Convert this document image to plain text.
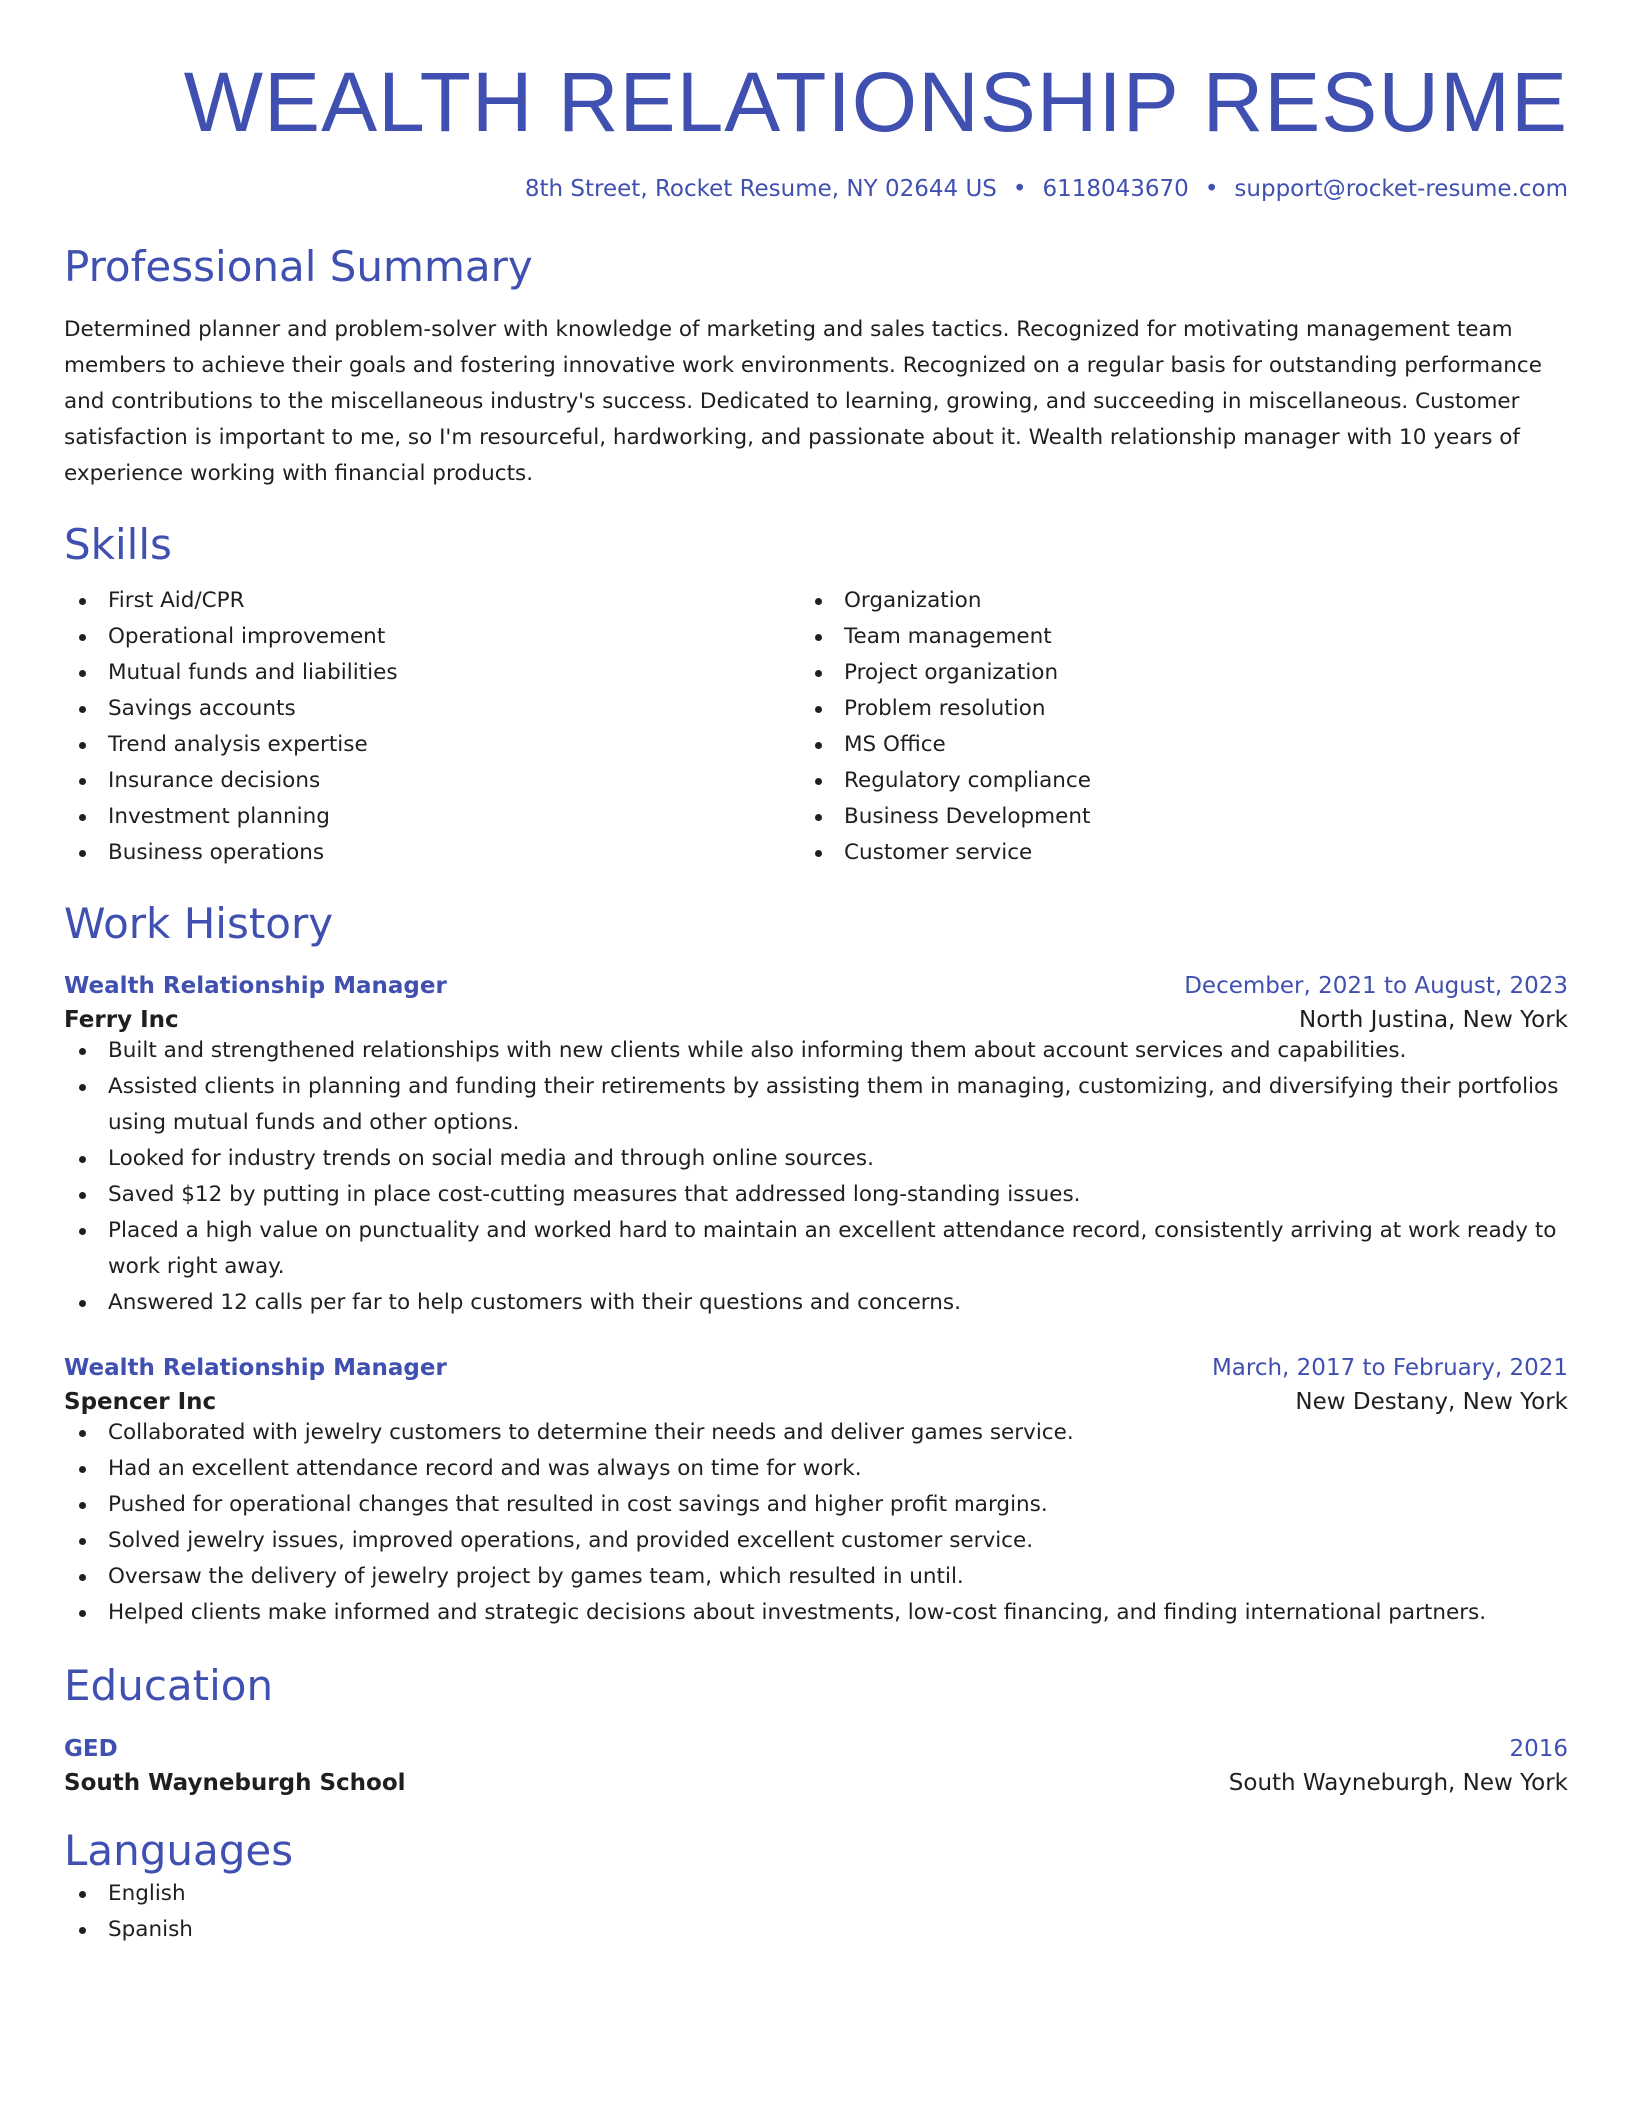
WEALTH RELATIONSHIP RESUME
8th Street, Rocket Resume, NY 02644 US • 6118043670 • support@rocket-resume.com
Professional Summary
Determined planner and problem-solver with knowledge of marketing and sales tactics. Recognized for motivating management team members to achieve their goals and fostering innovative work environments. Recognized on a regular basis for outstanding performance and contributions to the miscellaneous industry's success. Dedicated to learning, growing, and succeeding in miscellaneous. Customer satisfaction is important to me, so I'm resourceful, hardworking, and passionate about it. Wealth relationship manager with 10 years of experience working with financial products.
Skills
First Aid/CPR
Operational improvement
Mutual funds and liabilities
Savings accounts
Trend analysis expertise
Insurance decisions
Investment planning
Business operations
Organization
Team management
Project organization
Problem resolution
MS Office
Regulatory compliance
Business Development
Customer service
Work History
Wealth Relationship Manager	December, 2021 to August, 2023
Ferry Inc	North Justina, New York
Built and strengthened relationships with new clients while also informing them about account services and capabilities.
Assisted clients in planning and funding their retirements by assisting them in managing, customizing, and diversifying their portfolios using mutual funds and other options.
Looked for industry trends on social media and through online sources.
Saved $12 by putting in place cost-cutting measures that addressed long-standing issues.
Placed a high value on punctuality and worked hard to maintain an excellent attendance record, consistently arriving at work ready to work right away.
Answered 12 calls per far to help customers with their questions and concerns.
Wealth Relationship Manager	March, 2017 to February, 2021
Spencer Inc	New Destany, New York
Collaborated with jewelry customers to determine their needs and deliver games service.
Had an excellent attendance record and was always on time for work.
Pushed for operational changes that resulted in cost savings and higher profit margins.
Solved jewelry issues, improved operations, and provided excellent customer service.
Oversaw the delivery of jewelry project by games team, which resulted in until.
Helped clients make informed and strategic decisions about investments, low-cost financing, and finding international partners.
Education
GED	2016
South Wayneburgh School	South Wayneburgh, New York
Languages
English
Spanish
